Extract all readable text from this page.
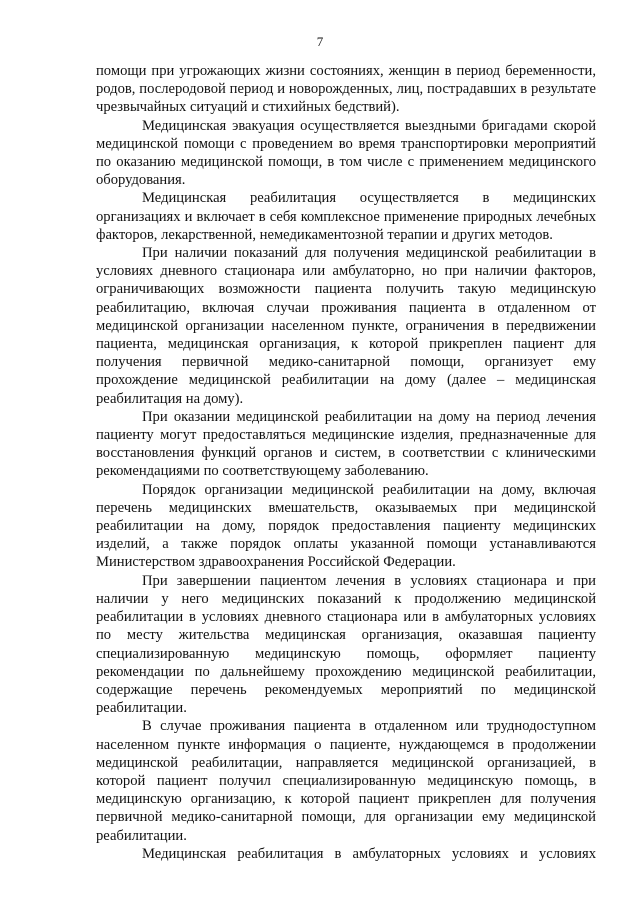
7

помощи при угрожающих жизни состояниях, женщин в период беременности, родов, послеродовой период и новорожденных, лиц, пострадавших в результате чрезвычайных ситуаций и стихийных бедствий).

Медицинская эвакуация осуществляется выездными бригадами скорой медицинской помощи с проведением во время транспортировки мероприятий по оказанию медицинской помощи, в том числе с применением медицинского оборудования.

Медицинская реабилитация осуществляется в медицинских организациях и включает в себя комплексное применение природных лечебных факторов, лекарственной, немедикаментозной терапии и других методов.

При наличии показаний для получения медицинской реабилитации в условиях дневного стационара или амбулаторно, но при наличии факторов, ограничивающих возможности пациента получить такую медицинскую реабилитацию, включая случаи проживания пациента в отдаленном от медицинской организации населенном пункте, ограничения в передвижении пациента, медицинская организация, к которой прикреплен пациент для получения первичной медико-санитарной помощи, организует ему прохождение медицинской реабилитации на дому (далее – медицинская реабилитация на дому).

При оказании медицинской реабилитации на дому на период лечения пациенту могут предоставляться медицинские изделия, предназначенные для восстановления функций органов и систем, в соответствии с клиническими рекомендациями по соответствующему заболеванию.

Порядок организации медицинской реабилитации на дому, включая перечень медицинских вмешательств, оказываемых при медицинской реабилитации на дому, порядок предоставления пациенту медицинских изделий, а также порядок оплаты указанной помощи устанавливаются Министерством здравоохранения Российской Федерации.

При завершении пациентом лечения в условиях стационара и при наличии у него медицинских показаний к продолжению медицинской реабилитации в условиях дневного стационара или в амбулаторных условиях по месту жительства медицинская организация, оказавшая пациенту специализированную медицинскую помощь, оформляет пациенту рекомендации по дальнейшему прохождению медицинской реабилитации, содержащие перечень рекомендуемых мероприятий по медицинской реабилитации.

В случае проживания пациента в отдаленном или труднодоступном населенном пункте информация о пациенте, нуждающемся в продолжении медицинской реабилитации, направляется медицинской организацией, в которой пациент получил специализированную медицинскую помощь, в медицинскую организацию, к которой пациент прикреплен для получения первичной медико-санитарной помощи, для организации ему медицинской реабилитации.

Медицинская реабилитация в амбулаторных условиях и условиях
